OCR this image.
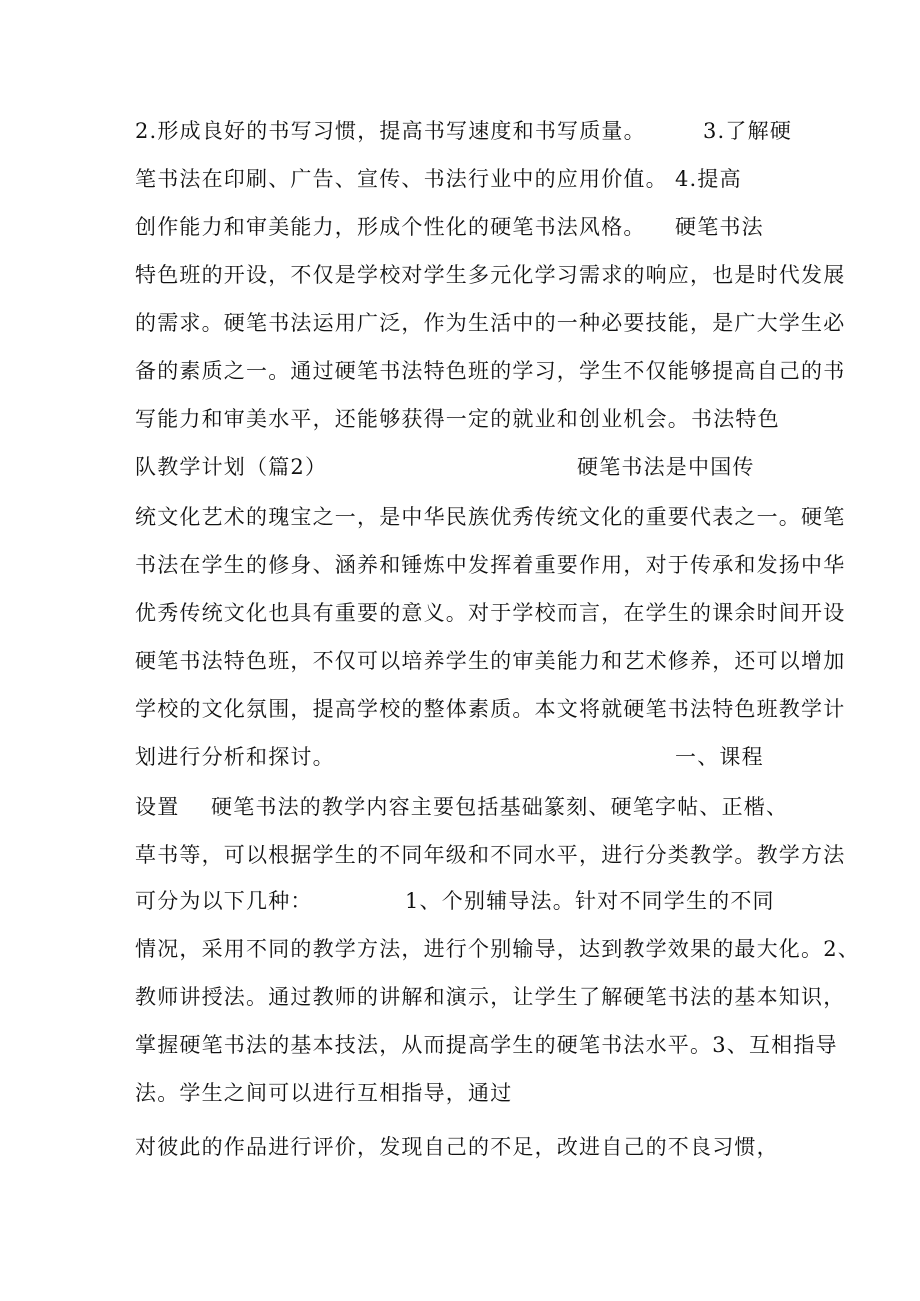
2.形成良好的书写习惯，提高书写速度和书写质量。	3.了解硬
笔书法在印刷、广告、宣传、书法行业中的应用价值。 4.提高
创作能力和审美能力，形成个性化的硬笔书法风格。 硬笔书法
特色班的开设，不仅是学校对学生多元化学习需求的响应，也是时代发展
的需求。硬笔书法运用广泛，作为生活中的一种必要技能，是广大学生必
备的素质之一。通过硬笔书法特色班的学习，学生不仅能够提高自己的书
写能力和审美水平，还能够获得一定的就业和创业机会。 书法特色
队教学计划（篇2）	硬笔书法是中国传
统文化艺术的瑰宝之一，是中华民族优秀传统文化的重要代表之一。硬笔
书法在学生的修身、涵养和锤炼中发挥着重要作用，对于传承和发扬中华
优秀传统文化也具有重要的意义。对于学校而言，在学生的课余时间开设
硬笔书法特色班，不仅可以培养学生的审美能力和艺术修养，还可以增加
学校的文化氛围，提高学校的整体素质。本文将就硬笔书法特色班教学计
划进行分析和探讨。	一、课程
设置 硬笔书法的教学内容主要包括基础篆刻、硬笔字帖、正楷、
草书等，可以根据学生的不同年级和不同水平，进行分类教学。教学方法
可分为以下几种：	1、个别辅导法。针对不同学生的不同
情况，采用不同的教学方法，进行个别输导，达到教学效果的最大化。2、
教师讲授法。通过教师的讲解和演示，让学生了解硬笔书法的基本知识，
掌握硬笔书法的基本技法，从而提高学生的硬笔书法水平。3、互相指导
法。学生之间可以进行互相指导，通过
对彼此的作品进行评价，发现自己的不足，改进自己的不良习惯，
